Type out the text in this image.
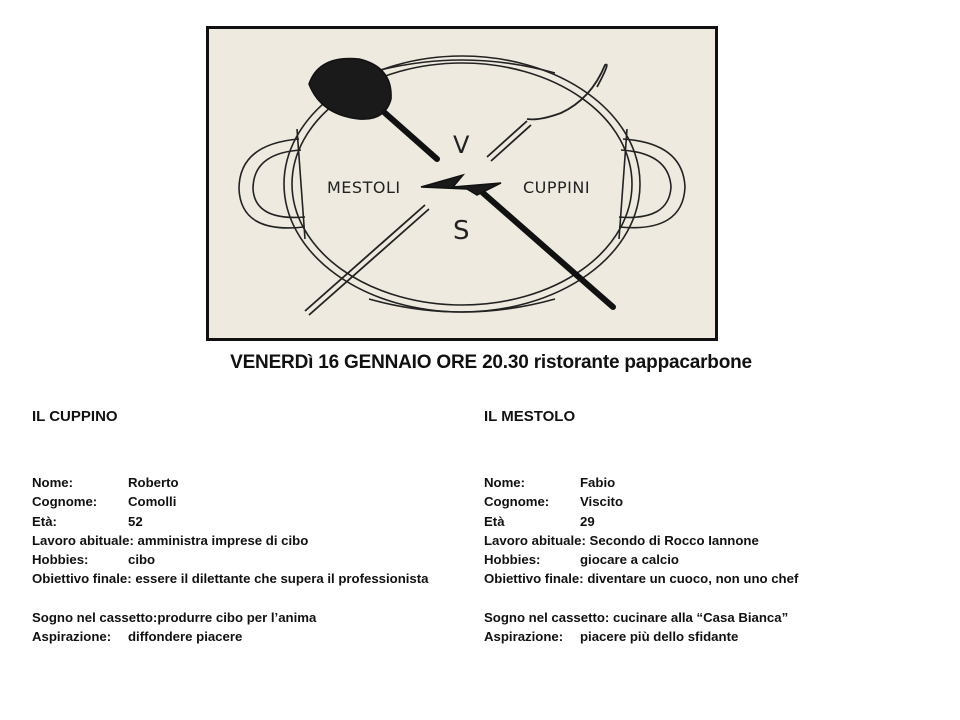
MESTOLI	CUPPINI
V
S
VENERDì 16 GENNAIO ORE 20.30 ristorante pappacarbone
IL CUPPINO
Nome:	Roberto
Cognome: Comolli
Età:	52
Lavoro abituale: amministra imprese di cibo
Hobbies:	cibo
Obiettivo finale: essere il dilettante che supera il professionista
Sogno nel cassetto:produrre cibo per l’anima
Aspirazione: diffondere piacere
IL MESTOLO
Nome:	Fabio
Cognome: Viscito
Età	29
Lavoro abituale: Secondo di Rocco Iannone
Hobbies:	giocare a calcio
Obiettivo finale: diventare un cuoco, non uno chef
Sogno nel cassetto: cucinare alla “Casa Bianca”
Aspirazione: piacere più dello sfidante
